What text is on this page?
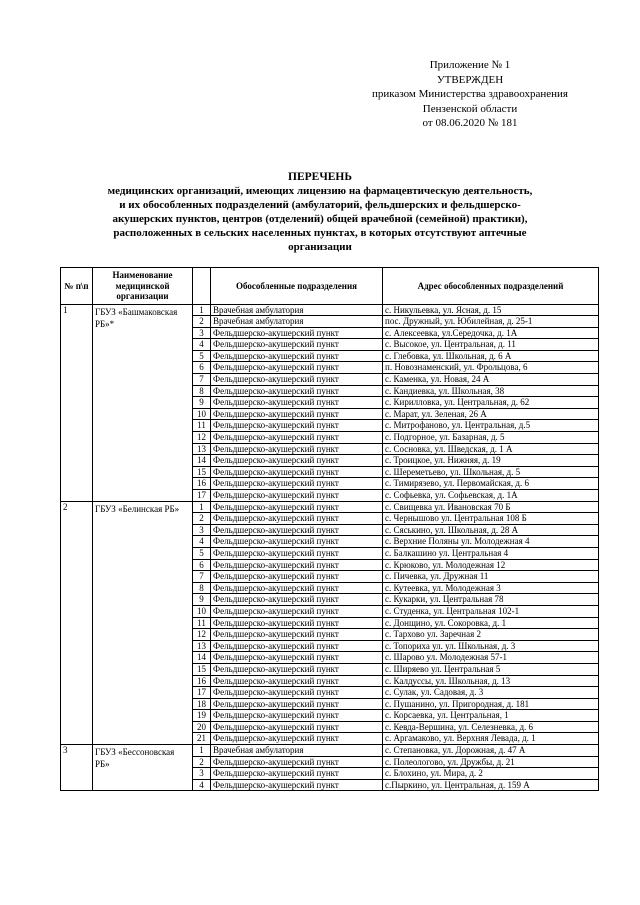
Приложение № 1
УТВЕРЖДЕН
приказом Министерства здравоохранения
Пензенской области
от 08.06.2020 № 181
ПЕРЕЧЕНЬ
медицинских организаций, имеющих лицензию на фармацевтическую деятельность,
и их обособленных подразделений (амбулаторий, фельдшерских и фельдшерско-
акушерских пунктов, центров (отделений) общей врачебной (семейной) практики),
расположенных в сельских населенных пунктах, в которых отсутствуют аптечные
организации
№ п\п	Наименование медицинской организации		Обособленные подразделения	Адрес обособленных подразделений
1	ГБУЗ «Башмаковская РБ»*	1	Врачебная амбулатория	с. Никульевка, ул. Ясная, д. 15
		2	Врачебная амбулатория	пос. Дружный, ул. Юбилейная, д. 25-1
		3	Фельдшерско-акушерский пункт	с. Алексеевка, ул.Середочка, д. 1А
		4	Фельдшерско-акушерский пункт	с. Высокое, ул. Центральная, д. 11
		5	Фельдшерско-акушерский пункт	с. Глебовка, ул. Школьная, д. 6 А
		6	Фельдшерско-акушерский пункт	п. Новознаменский, ул. Фрольцова, 6
		7	Фельдшерско-акушерский пункт	с. Каменка, ул. Новая, 24 А
		8	Фельдшерско-акушерский пункт	с. Кандиевка, ул. Школьная, 38
		9	Фельдшерско-акушерский пункт	с. Кирилловка, ул. Центральная, д. 62
		10	Фельдшерско-акушерский пункт	с. Марат, ул. Зеленая, 26 А
		11	Фельдшерско-акушерский пункт	с. Митрофаново, ул. Центральная, д.5
		12	Фельдшерско-акушерский пункт	с. Подгорное, ул. Базарная, д. 5
		13	Фельдшерско-акушерский пункт	с. Сосновка, ул. Шведская, д. 1 А
		14	Фельдшерско-акушерский пункт	с. Троицкое, ул. Нижняя, д. 19
		15	Фельдшерско-акушерский пункт	с. Шереметьево, ул. Школьная, д. 5
		16	Фельдшерско-акушерский пункт	с. Тимирязево, ул. Первомайская, д. 6
		17	Фельдшерско-акушерский пункт	с. Софьевка, ул. Софьевская, д. 1А
2	ГБУЗ «Белинская РБ»	1	Фельдшерско-акушерский пункт	с. Свищевка ул. Ивановская 70 Б
		2	Фельдшерско-акушерский пункт	с. Чернышово ул. Центральная 108 Б
		3	Фельдшерско-акушерский пункт	с. Сяськино, ул. Школьная, д. 28 А
		4	Фельдшерско-акушерский пункт	с. Верхние Поляны ул. Молодежная 4
		5	Фельдшерско-акушерский пункт	с. Балкашино ул. Центральная 4
		6	Фельдшерско-акушерский пункт	с. Крюково, ул. Молодежная 12
		7	Фельдшерско-акушерский пункт	с. Пичевка, ул. Дружная 11
		8	Фельдшерско-акушерский пункт	с. Кутеевка, ул. Молодежная 3
		9	Фельдшерско-акушерский пункт	с. Кукарки, ул. Центральная 78
		10	Фельдшерско-акушерский пункт	с. Студенка, ул. Центральная 102-1
		11	Фельдшерско-акушерский пункт	с. Донщино, ул. Сокоровка, д. 1
		12	Фельдшерско-акушерский пункт	с. Тархово ул. Заречная 2
		13	Фельдшерско-акушерский пункт	с. Топориха ул. ул. Школьная, д. 3
		14	Фельдшерско-акушерский пункт	с. Шарово ул. Молодежная 57-1
		15	Фельдшерско-акушерский пункт	с. Ширяево ул. Центральная 5
		16	Фельдшерско-акушерский пункт	с. Калдуссы, ул. Школьная, д. 13
		17	Фельдшерско-акушерский пункт	с. Сулак, ул. Садовая, д. 3
		18	Фельдшерско-акушерский пункт	с. Пушанино, ул. Пригородная, д. 181
		19	Фельдшерско-акушерский пункт	с. Корсаевка, ул. Центральная, 1
		20	Фельдшерско-акушерский пункт	с. Кевда-Вершина, ул. Селезневка, д. 6
		21	Фельдшерско-акушерский пункт	с. Аргамаково, ул. Верхняя Левада, д. 1
3	ГБУЗ «Бессоновская РБ»	1	Врачебная амбулатория	с. Степановка, ул. Дорожная, д. 47 А
		2	Фельдшерско-акушерский пункт	с. Полеологово, ул. Дружбы, д. 21
		3	Фельдшерско-акушерский пункт	с. Блохино, ул. Мира, д. 2
		4	Фельдшерско-акушерский пункт	с.Пыркино, ул. Центральная, д. 159 А
